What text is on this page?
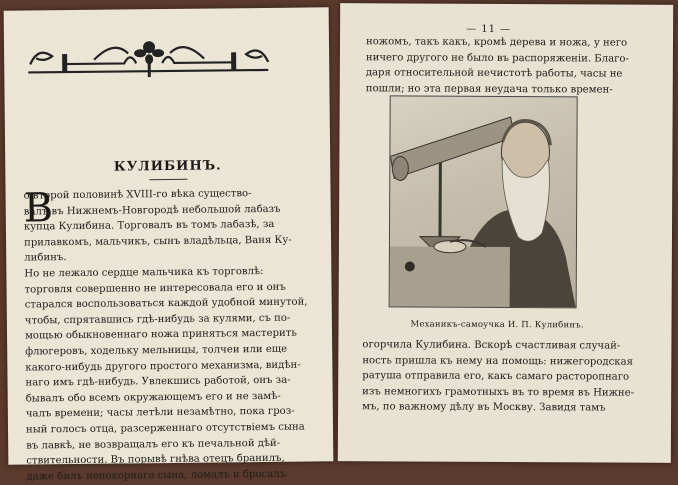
КУЛИБИНЪ.
В
о второй половинѣ XVIII-го вѣка существо-
валъ въ Нижнемъ-Новгородѣ небольшой лабазъ
купца Кулибина. Торговалъ въ томъ лабазѣ, за
прилавкомъ, мальчикъ, сынъ владѣльца, Ваня Ку-
либинъ.
Но не лежало сердце мальчика къ торговлѣ:
торговля совершенно не интересовала его и онъ
старался воспользоваться каждой удобной минутой,
чтобы, спрятавшись гдѣ-нибудь за кулями, съ по-
мощью обыкновеннаго ножа приняться мастерить
флюгеровъ, ходельку мельницы, толчеи или еще
какого-нибудь другого простого механизма, видѣн-
наго имъ гдѣ-нибудь. Увлекшись работой, онъ за-
бывалъ обо всемъ окружающемъ его и не замѣ-
чалъ времени; часы летѣли незамѣтно, пока гроз-
ный голосъ отца, разсерженнаго отсутствіемъ сына
въ лавкѣ, не возвращалъ его къ печальной дѣй-
ствительности. Въ порывѣ гнѣва отецъ бранилъ,
даже билъ непокорнаго сына, ломалъ и бросалъ
— 11 —
ножомъ, такъ какъ, кромѣ дерева и ножа, у него
ничего другого не было въ распоряженіи. Благо-
даря относительной нечистотѣ работы, часы не
пошли; но эта первая неудача только времен-
Механикъ-самоучка И. П. Кулибинъ.
огорчила Кулибина. Вскорѣ счастливая случай-
ность пришла къ нему на помощь: нижегородская
ратуша отправила его, какъ самаго расторопнаго
изъ немногихъ грамотныхъ въ то время въ Нижне-
мъ, по важному дѣлу въ Москву. Завидя тамъ
